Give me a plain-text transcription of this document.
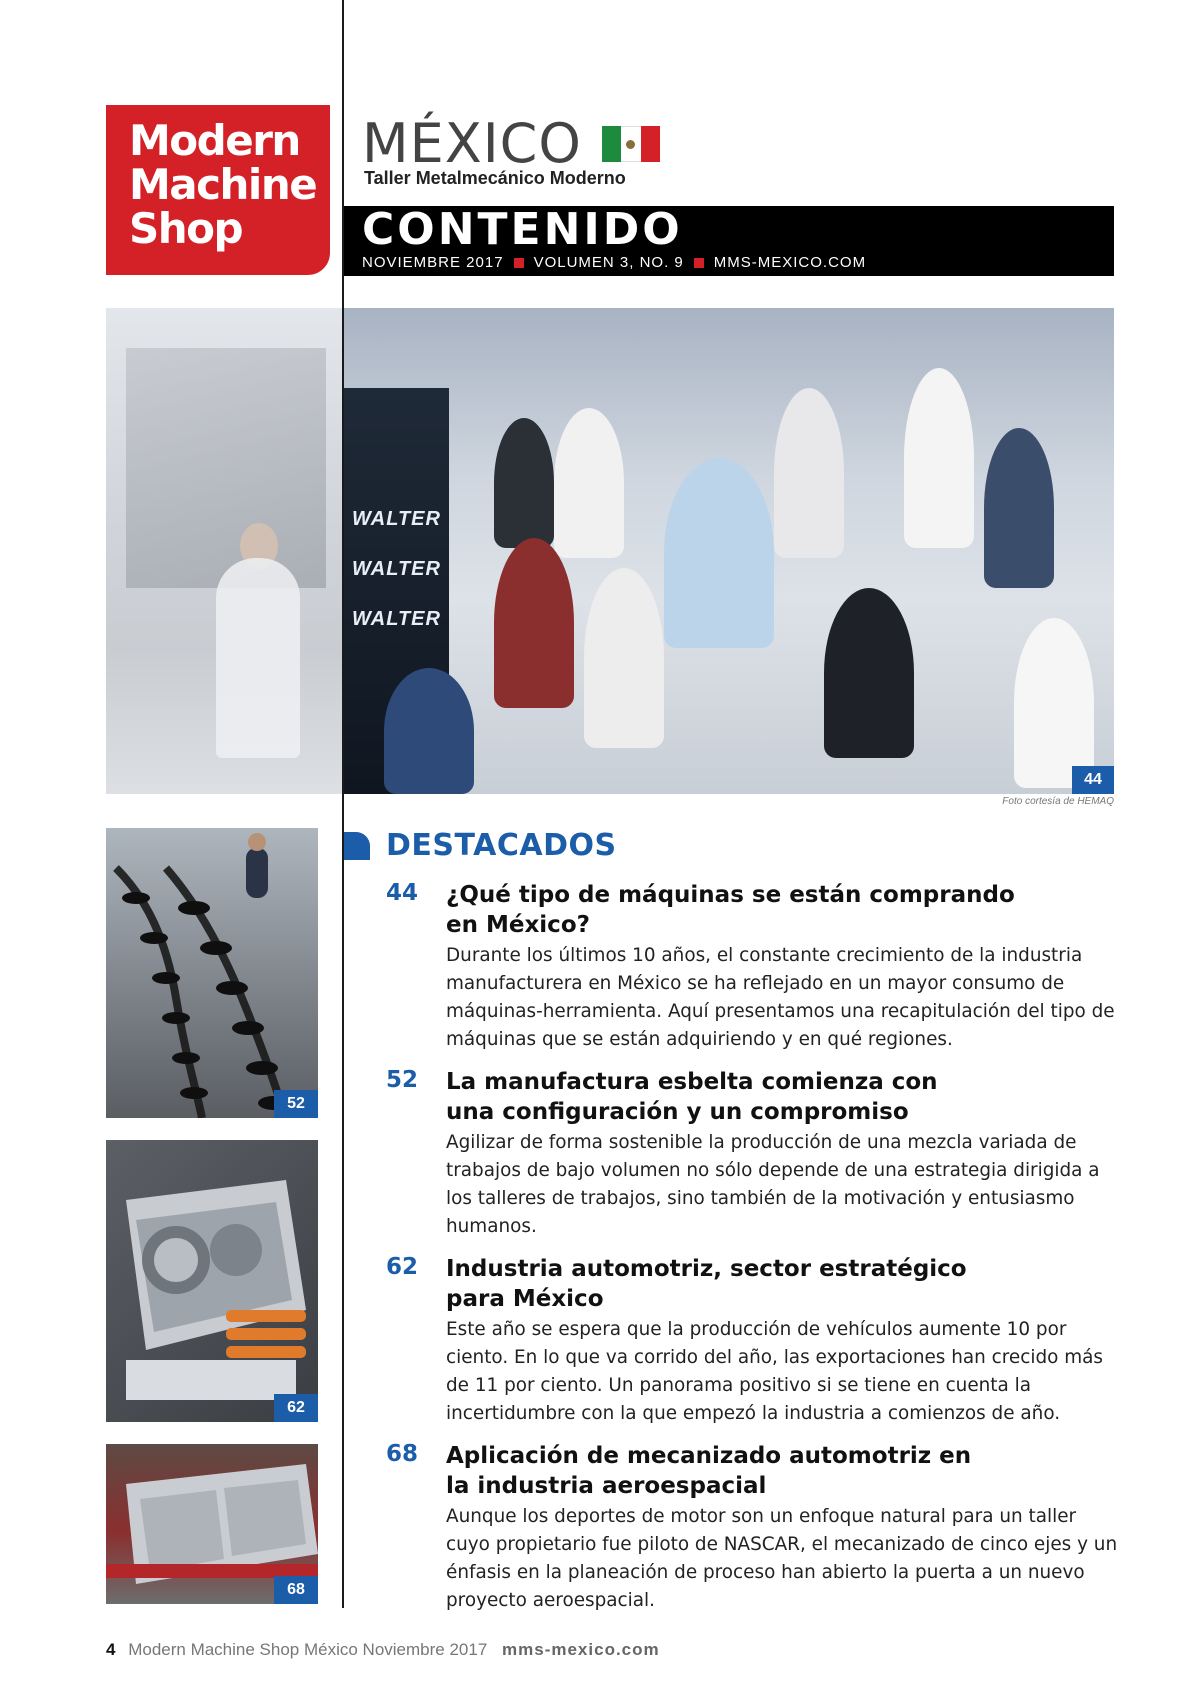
Modern
Machine
Shop
MÉXICO
Taller Metalmecánico Moderno
CONTENIDO
NOVIEMBRE 2017 VOLUMEN 3, NO. 9 MMS-MEXICO.COM
WALTER
WALTER
WALTER
44
Foto cortesía de HEMAQ
52
62
68
DESTACADOS
44	¿Qué tipo de máquinas se están comprando
en México?
Durante los últimos 10 años, el constante crecimiento de la industria manufacturera en México se ha reflejado en un mayor consumo de máquinas-herramienta. Aquí presentamos una recapitulación del tipo de máquinas que se están adquiriendo y en qué regiones.
52	La manufactura esbelta comienza con
una configuración y un compromiso
Agilizar de forma sostenible la producción de una mezcla variada de trabajos de bajo volumen no sólo depende de una estrategia dirigida a los talleres de trabajos, sino también de la motivación y entusiasmo humanos.
62	Industria automotriz, sector estratégico
para México
Este año se espera que la producción de vehículos aumente 10 por ciento. En lo que va corrido del año, las exportaciones han crecido más de 11 por ciento. Un panorama positivo si se tiene en cuenta la incertidumbre con la que empezó la industria a comienzos de año.
68	Aplicación de mecanizado automotriz en
la industria aeroespacial
Aunque los deportes de motor son un enfoque natural para un taller cuyo propietario fue piloto de NASCAR, el mecanizado de cinco ejes y un énfasis en la planeación de proceso han abierto la puerta a un nuevo proyecto aeroespacial.
4 Modern Machine Shop México Noviembre 2017 mms-mexico.com
